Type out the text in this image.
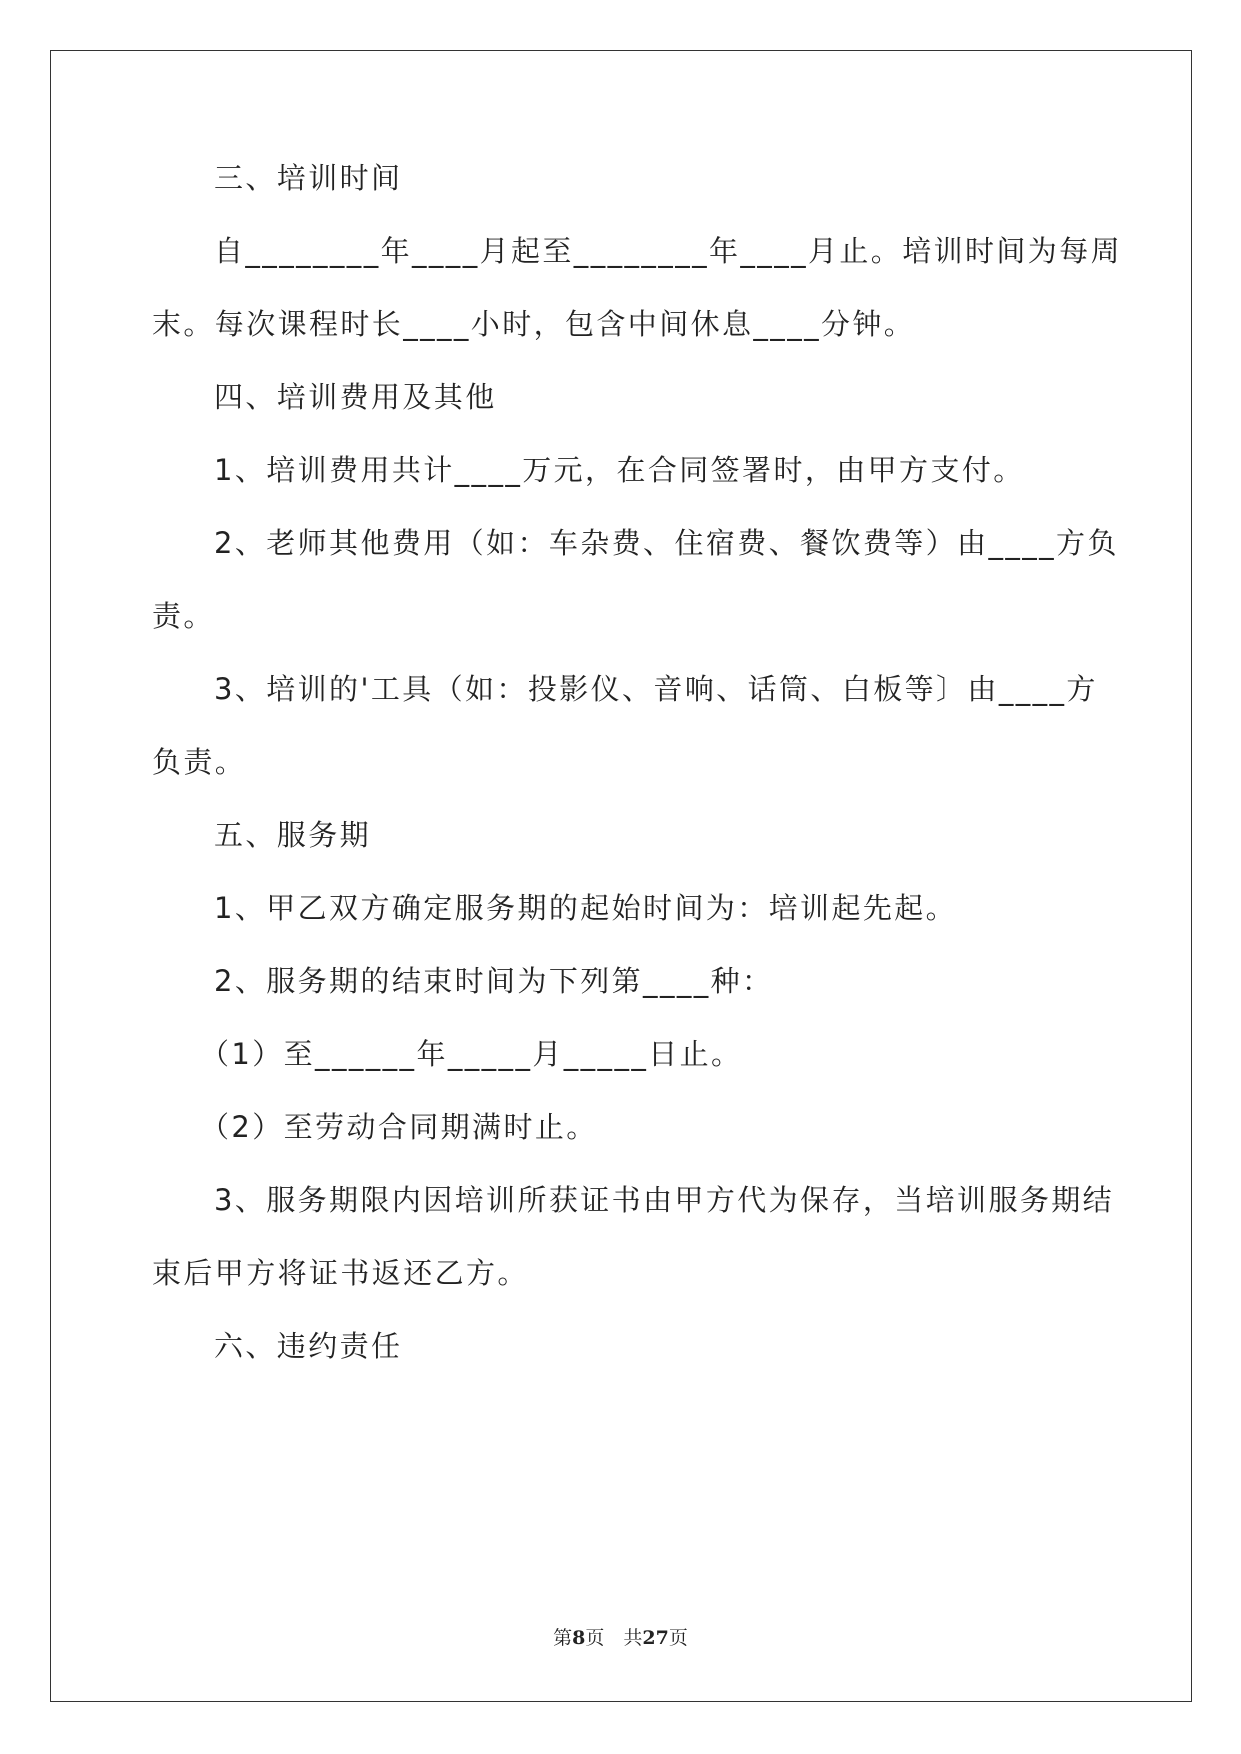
三、培训时间
自________年____月起至________年____月止。培训时间为每周
末。每次课程时长____小时，包含中间休息____分钟。
四、培训费用及其他
1、培训费用共计____万元，在合同签署时，由甲方支付。
2、老师其他费用（如：车杂费、住宿费、餐饮费等）由____方负
责。
3、培训的'工具（如：投影仪、音响、话筒、白板等〕由____方
负责。
五、服务期
1、甲乙双方确定服务期的起始时间为：培训起先起。
2、服务期的结束时间为下列第____种：
（1）至______年_____月_____日止。
（2）至劳动合同期满时止。
3、服务期限内因培训所获证书由甲方代为保存，当培训服务期结
束后甲方将证书返还乙方。
六、违约责任
第8页　共27页
